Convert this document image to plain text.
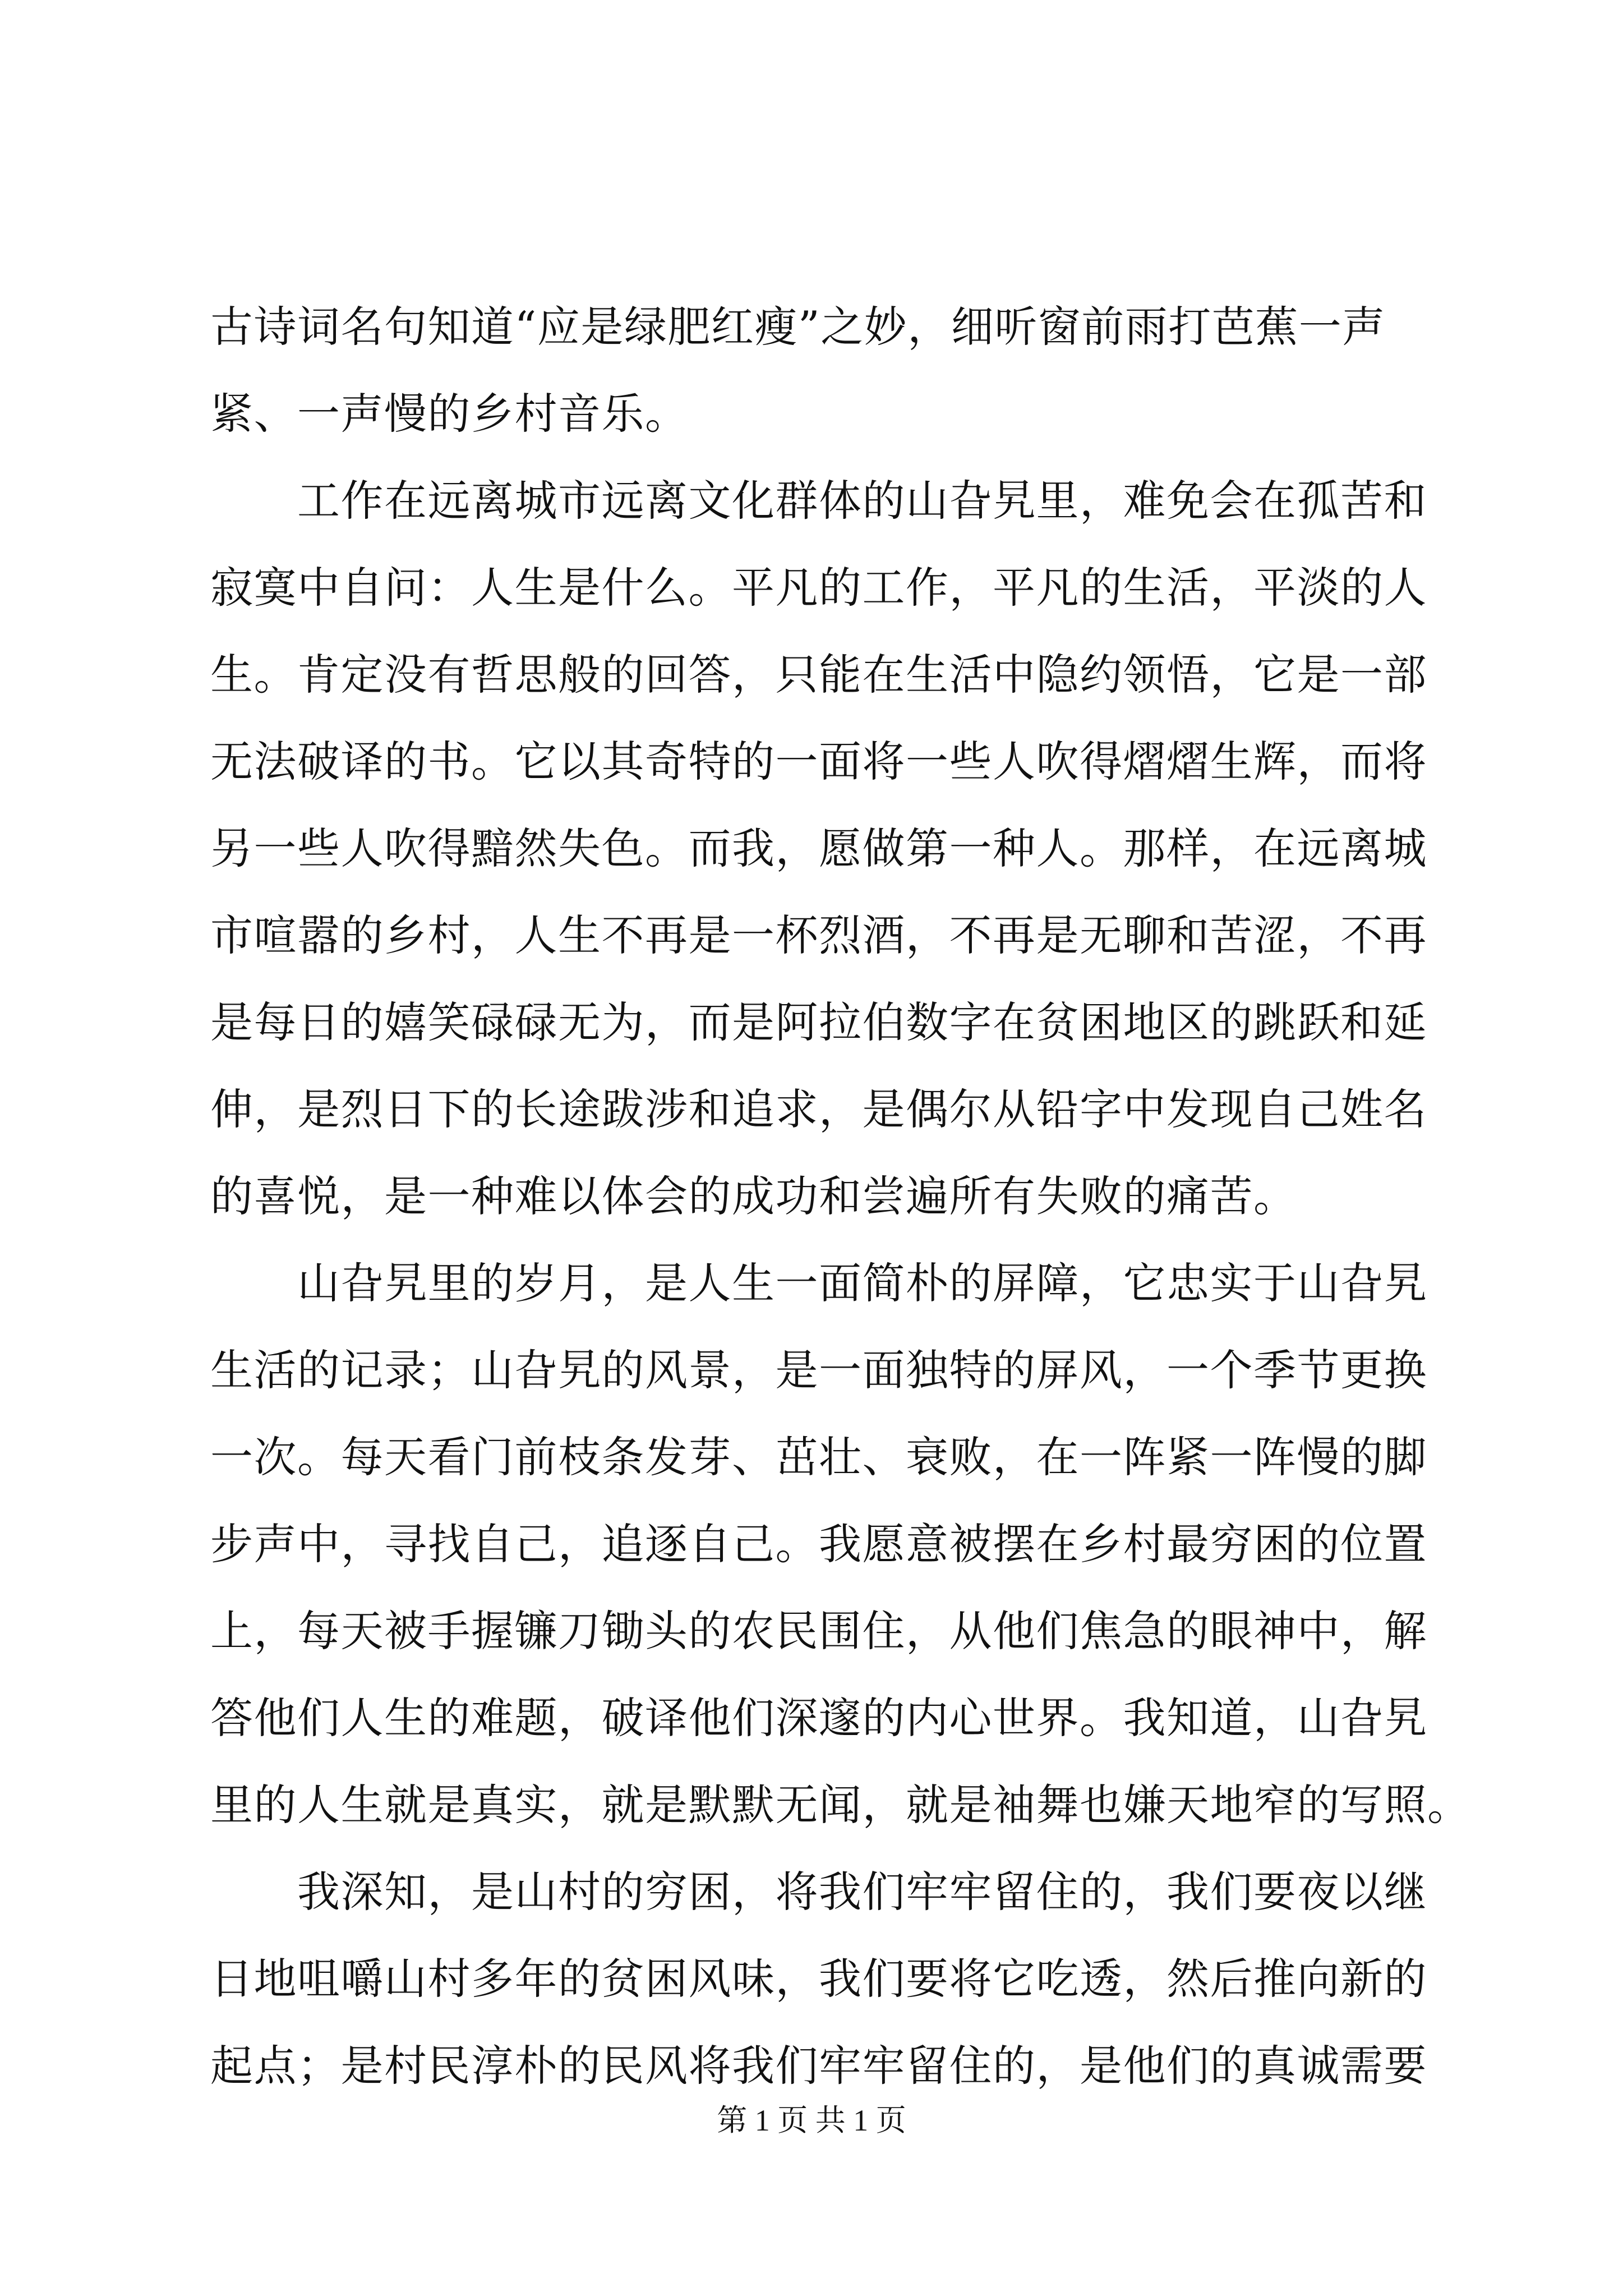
古诗词名句知道“应是绿肥红瘦”之妙，细听窗前雨打芭蕉一声
紧、一声慢的乡村音乐。
工作在远离城市远离文化群体的山旮旯里，难免会在孤苦和
寂寞中自问：人生是什么。平凡的工作，平凡的生活，平淡的人
生。肯定没有哲思般的回答，只能在生活中隐约领悟，它是一部
无法破译的书。它以其奇特的一面将一些人吹得熠熠生辉，而将
另一些人吹得黯然失色。而我，愿做第一种人。那样，在远离城
市喧嚣的乡村，人生不再是一杯烈酒，不再是无聊和苦涩，不再
是每日的嬉笑碌碌无为，而是阿拉伯数字在贫困地区的跳跃和延
伸，是烈日下的长途跋涉和追求，是偶尔从铅字中发现自己姓名
的喜悦，是一种难以体会的成功和尝遍所有失败的痛苦。
山旮旯里的岁月，是人生一面简朴的屏障，它忠实于山旮旯
生活的记录；山旮旯的风景，是一面独特的屏风，一个季节更换
一次。每天看门前枝条发芽、茁壮、衰败，在一阵紧一阵慢的脚
步声中，寻找自己，追逐自己。我愿意被摆在乡村最穷困的位置
上，每天被手握镰刀锄头的农民围住，从他们焦急的眼神中，解
答他们人生的难题，破译他们深邃的内心世界。我知道，山旮旯
里的人生就是真实，就是默默无闻，就是袖舞也嫌天地窄的写照。
我深知，是山村的穷困，将我们牢牢留住的，我们要夜以继
日地咀嚼山村多年的贫困风味，我们要将它吃透，然后推向新的
起点；是村民淳朴的民风将我们牢牢留住的，是他们的真诚需要
第 1 页 共 1 页
